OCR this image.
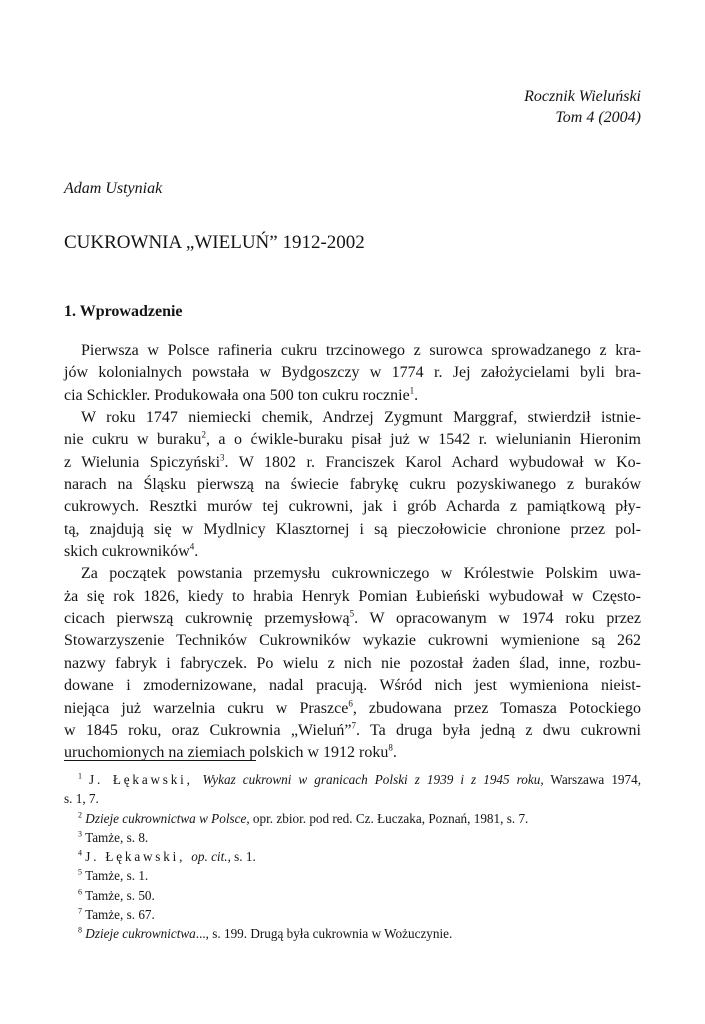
Rocznik Wieluński
Tom 4 (2004)
Adam Ustyniak
CUKROWNIA „WIELUŃ” 1912-2002
1. Wprowadzenie
Pierwsza w Polsce rafineria cukru trzcinowego z surowca sprowadzanego z kra-
jów kolonialnych powstała w Bydgoszczy w 1774 r. Jej założycielami byli bra-
cia Schickler. Produkowała ona 500 ton cukru rocznie$^1$.
W roku 1747 niemiecki chemik, Andrzej Zygmunt Marggraf, stwierdził istnie-
nie cukru w buraku$^2$, a o ćwikle-buraku pisał już w 1542 r. wielunianin Hieronim
z Wielunia Spiczyński$^3$. W 1802 r. Franciszek Karol Achard wybudował w Ko-
narach na Śląsku pierwszą na świecie fabrykę cukru pozyskiwanego z buraków
cukrowych. Resztki murów tej cukrowni, jak i grób Acharda z pamiątkową pły-
tą, znajdują się w Mydlnicy Klasztornej i są pieczołowicie chronione przez pol-
skich cukrowników$^4$.
Za początek powstania przemysłu cukrowniczego w Królestwie Polskim uwa-
ża się rok 1826, kiedy to hrabia Henryk Pomian Łubieński wybudował w Często-
cicach pierwszą cukrownię przemysłową$^5$. W opracowanym w 1974 roku przez
Stowarzyszenie Techników Cukrowników wykazie cukrowni wymienione są 262
nazwy fabryk i fabryczek. Po wielu z nich nie pozostał żaden ślad, inne, rozbu-
dowane i zmodernizowane, nadal pracują. Wśród nich jest wymieniona nieist-
niejąca już warzelnia cukru w Praszce$^6$, zbudowana przez Tomasza Potockiego
w 1845 roku, oraz Cukrownia „Wieluń”$^7$. Ta druga była jedną z dwu cukrowni
uruchomionych na ziemiach polskich w 1912 roku$^8$.
$^1$ J. Łękawski, Wykaz cukrowni w granicach Polski z 1939 i z 1945 roku, Warszawa 1974,
s. 1, 7.
$^2$ Dzieje cukrownictwa w Polsce, opr. zbior. pod red. Cz. Łuczaka, Poznań, 1981, s. 7.
$^3$ Tamże, s. 8.
$^4$ J. Łękawski, op. cit., s. 1.
$^5$ Tamże, s. 1.
$^6$ Tamże, s. 50.
$^7$ Tamże, s. 67.
$^8$ Dzieje cukrownictwa..., s. 199. Drugą była cukrownia w Wożuczynie.
